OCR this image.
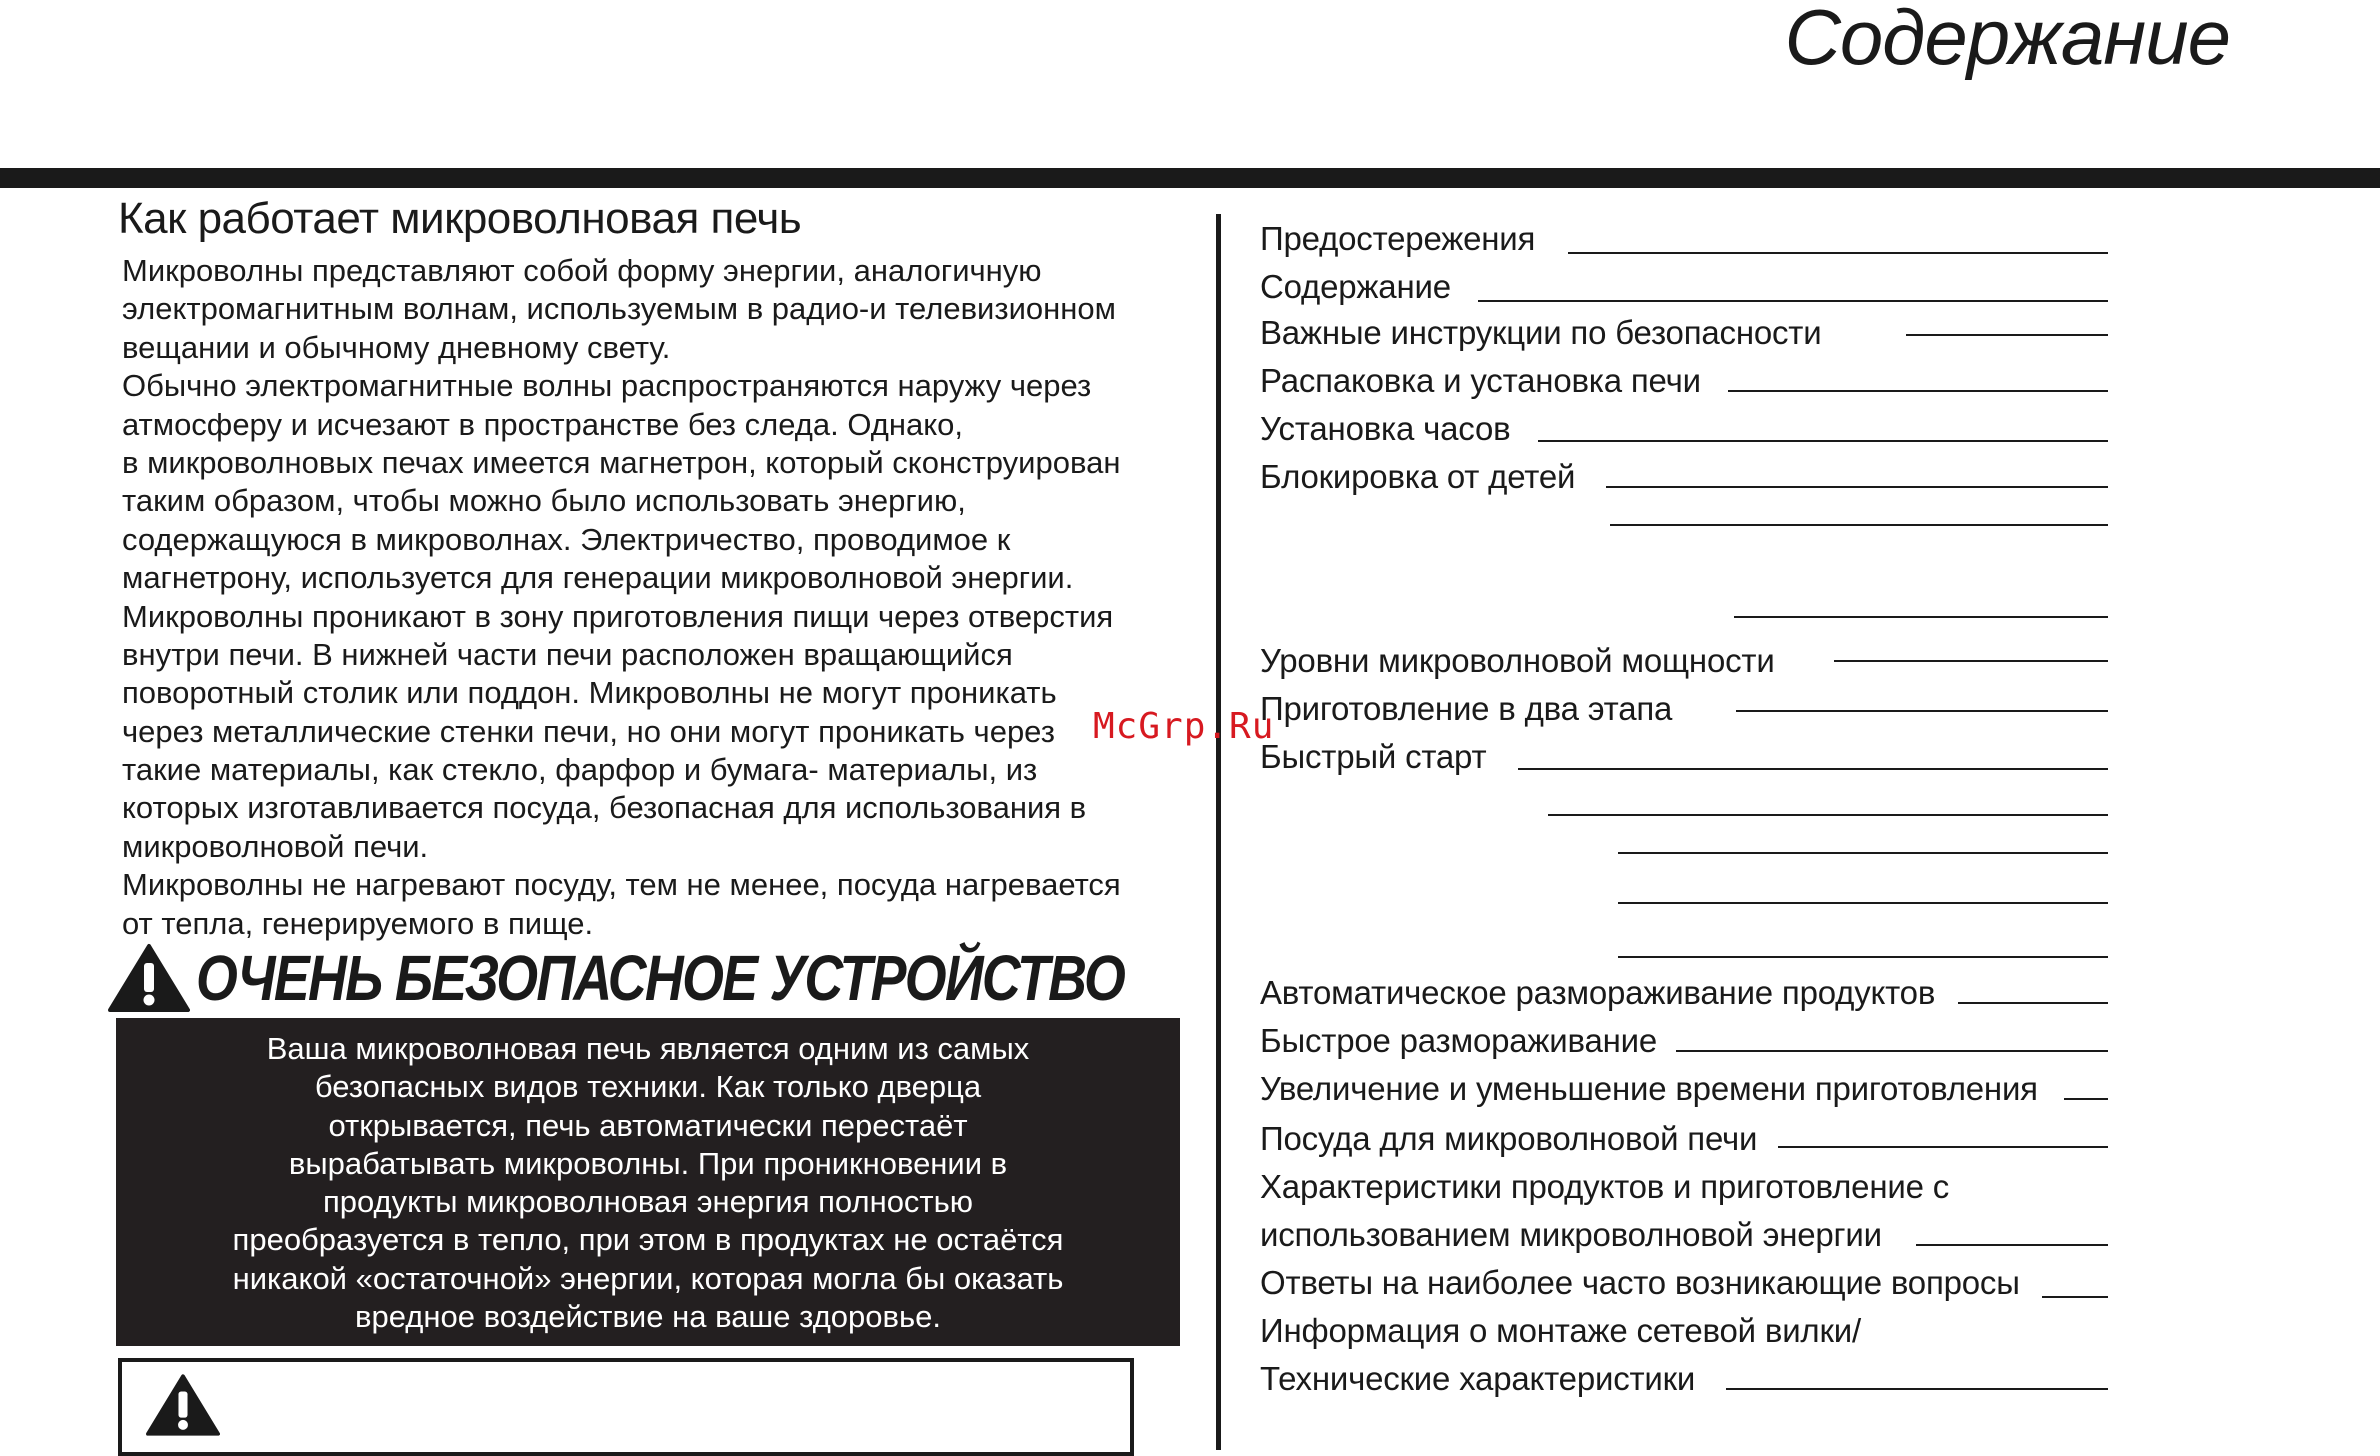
Содержание
Как работает микроволновая печь
Микроволны представляют собой форму энергии, аналогичную
электромагнитным волнам, используемым в радио-и телевизионном
вещании и обычному дневному свету.
Обычно электромагнитные волны распространяются наружу через
атмосферу и исчезают в пространстве без следа. Однако,
в микроволновых печах имеется магнетрон, который сконструирован
таким образом, чтобы можно было использовать энергию,
содержащуюся в микроволнах. Электричество, проводимое к
магнетрону, используется для генерации микроволновой энергии.
Микроволны проникают в зону приготовления пищи через отверстия
внутри печи. В нижней части печи расположен вращающийся
поворотный столик или поддон. Микроволны не могут проникать
через металлические стенки печи, но они могут проникать через
такие материалы, как стекло, фарфор и бумага- материалы, из
которых изготавливается посуда, безопасная для использования в
микроволновой печи.
Микроволны не нагревают посуду, тем не менее, посуда нагревается
от тепла, генерируемого в пище.
ОЧЕНЬ БЕЗОПАСНОЕ УСТРОЙСТВО
Ваша микроволновая печь является одним из самых
безопасных видов техники. Как только дверца
открывается, печь автоматически перестаёт
вырабатывать микроволны. При проникновении в
продукты микроволновая энергия полностью
преобразуется в тепло, при этом в продуктах не остаётся
никакой «остаточной» энергии, которая могла бы оказать
вредное воздействие на ваше здоровье.
Предостережения
Содержание
Важные инструкции по безопасности
Распаковка и установка печи
Установка часов
Блокировка от детей
Уровни микроволновой мощности
Приготовление в два этапа
Быстрый старт
Автоматическое размораживание продуктов
Быстрое размораживание
Увеличение и уменьшение времени приготовления
Посуда для микроволновой печи
Характеристики продуктов и приготовление с
использованием микроволновой энергии
Ответы на наиболее часто возникающие вопросы
Информация о монтаже сетевой вилки/
Технические характеристики
McGrp.Ru
